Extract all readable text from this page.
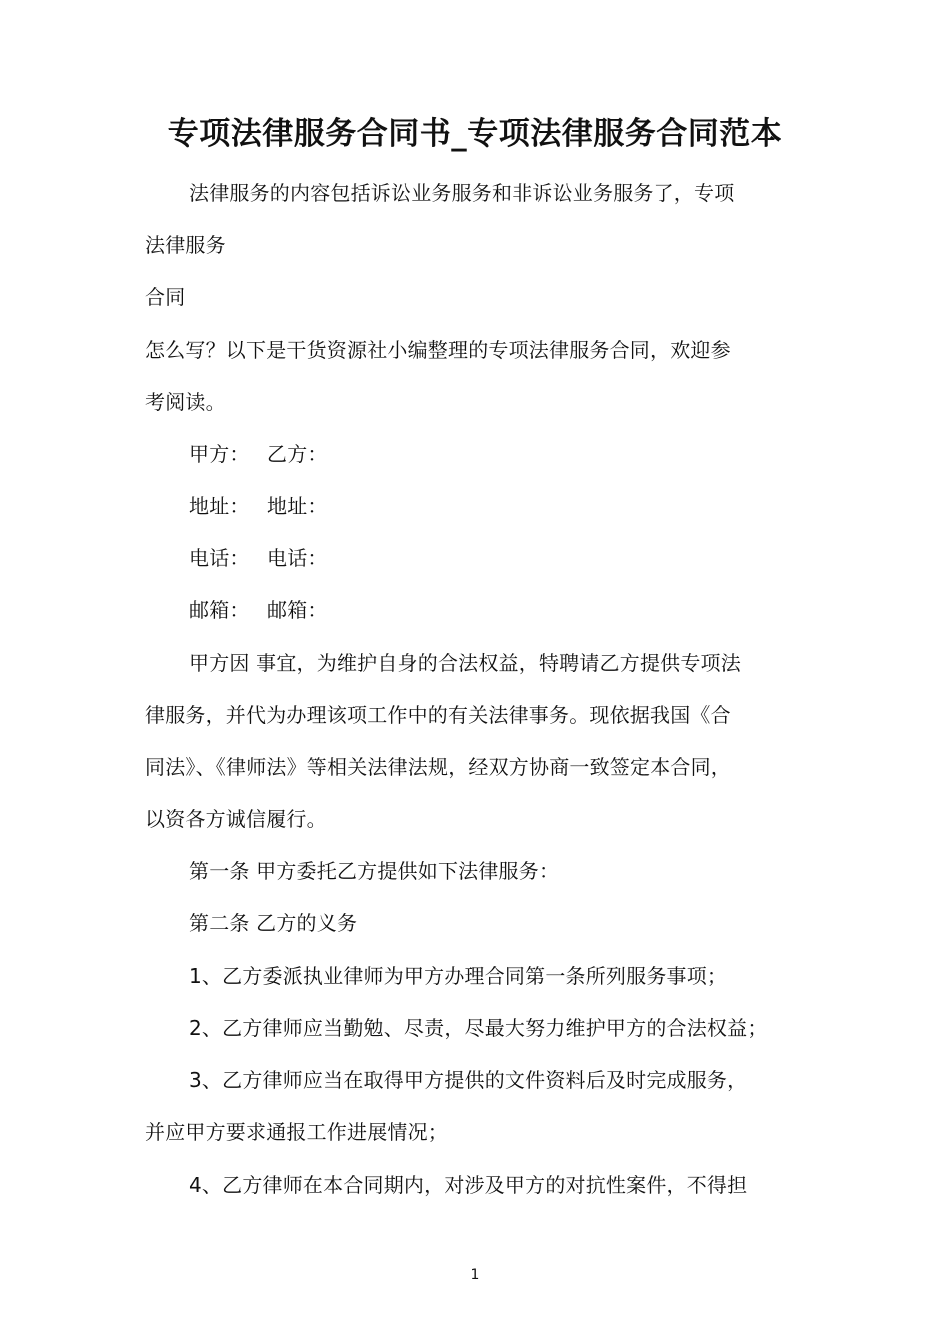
专项法律服务合同书_专项法律服务合同范本
法律服务的内容包括诉讼业务服务和非诉讼业务服务了，专项
法律服务
合同
怎么写？以下是干货资源社小编整理的专项法律服务合同，欢迎参
考阅读。
甲方： 乙方：
地址： 地址：
电话： 电话：
邮箱： 邮箱：
甲方因 事宜，为维护自身的合法权益，特聘请乙方提供专项法
律服务，并代为办理该项工作中的有关法律事务。现依据我国《合
同法》、《律师法》等相关法律法规，经双方协商一致签定本合同，
以资各方诚信履行。
第一条 甲方委托乙方提供如下法律服务：
第二条 乙方的义务
1、乙方委派执业律师为甲方办理合同第一条所列服务事项；
2、乙方律师应当勤勉、尽责，尽最大努力维护甲方的合法权益；
3、乙方律师应当在取得甲方提供的文件资料后及时完成服务，
并应甲方要求通报工作进展情况；
4、乙方律师在本合同期内，对涉及甲方的对抗性案件，不得担
1
